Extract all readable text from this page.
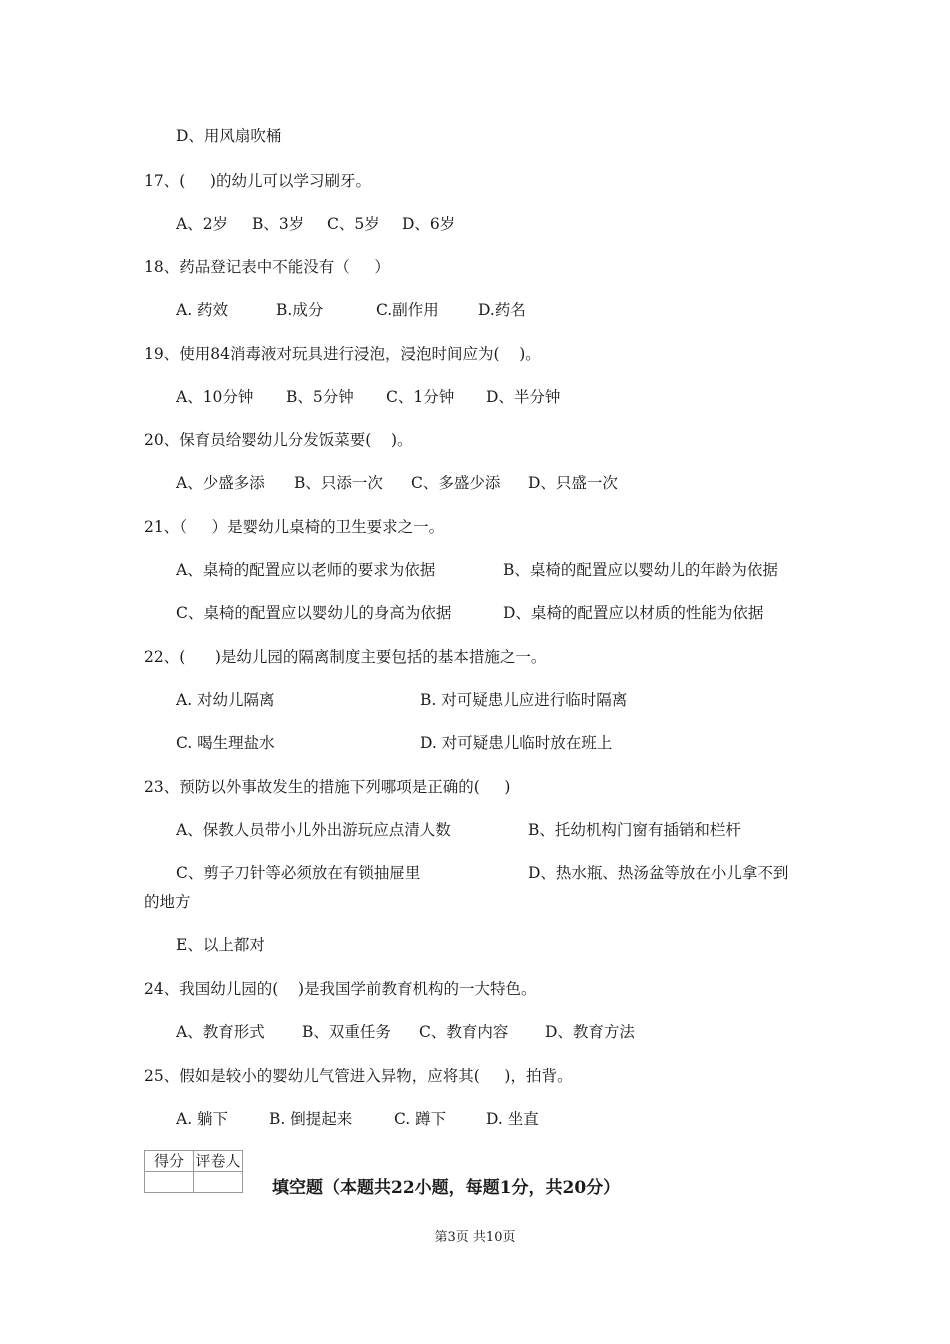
D、用风扇吹桶
17、(     )的幼儿可以学习刷牙。
A、2岁 B、3岁 C、5岁 D、6岁
18、药品登记表中不能没有（     ）
A. 药效	B.成分	C.副作用	D.药名
19、使用84消毒液对玩具进行浸泡，浸泡时间应为(    )。
A、10分钟 B、5分钟 C、1分钟 D、半分钟
20、保育员给婴幼儿分发饭菜要(    )。
A、少盛多添 B、只添一次 C、多盛少添 D、只盛一次
21、（     ）是婴幼儿桌椅的卫生要求之一。
A、桌椅的配置应以老师的要求为依据	B、桌椅的配置应以婴幼儿的年龄为依据
C、桌椅的配置应以婴幼儿的身高为依据	D、桌椅的配置应以材质的性能为依据
22、(      )是幼儿园的隔离制度主要包括的基本措施之一。
A. 对幼儿隔离	B. 对可疑患儿应进行临时隔离
C. 喝生理盐水	D. 对可疑患儿临时放在班上
23、预防以外事故发生的措施下列哪项是正确的(     )
A、保教人员带小儿外出游玩应点清人数	B、托幼机构门窗有插销和栏杆
C、剪子刀针等必须放在有锁抽屉里	D、热水瓶、热汤盆等放在小儿拿不到
的地方
E、以上都对
24、我国幼儿园的(    )是我国学前教育机构的一大特色。
A、教育形式 B、双重任务 C、教育内容 D、教育方法
25、假如是较小的婴幼儿气管进入异物，应将其(     )，拍背。
A. 躺下	B. 倒提起来	C. 蹲下	D. 坐直
得分	评卷人

填空题（本题共22小题，每题1分，共20分）
第3页 共10页
